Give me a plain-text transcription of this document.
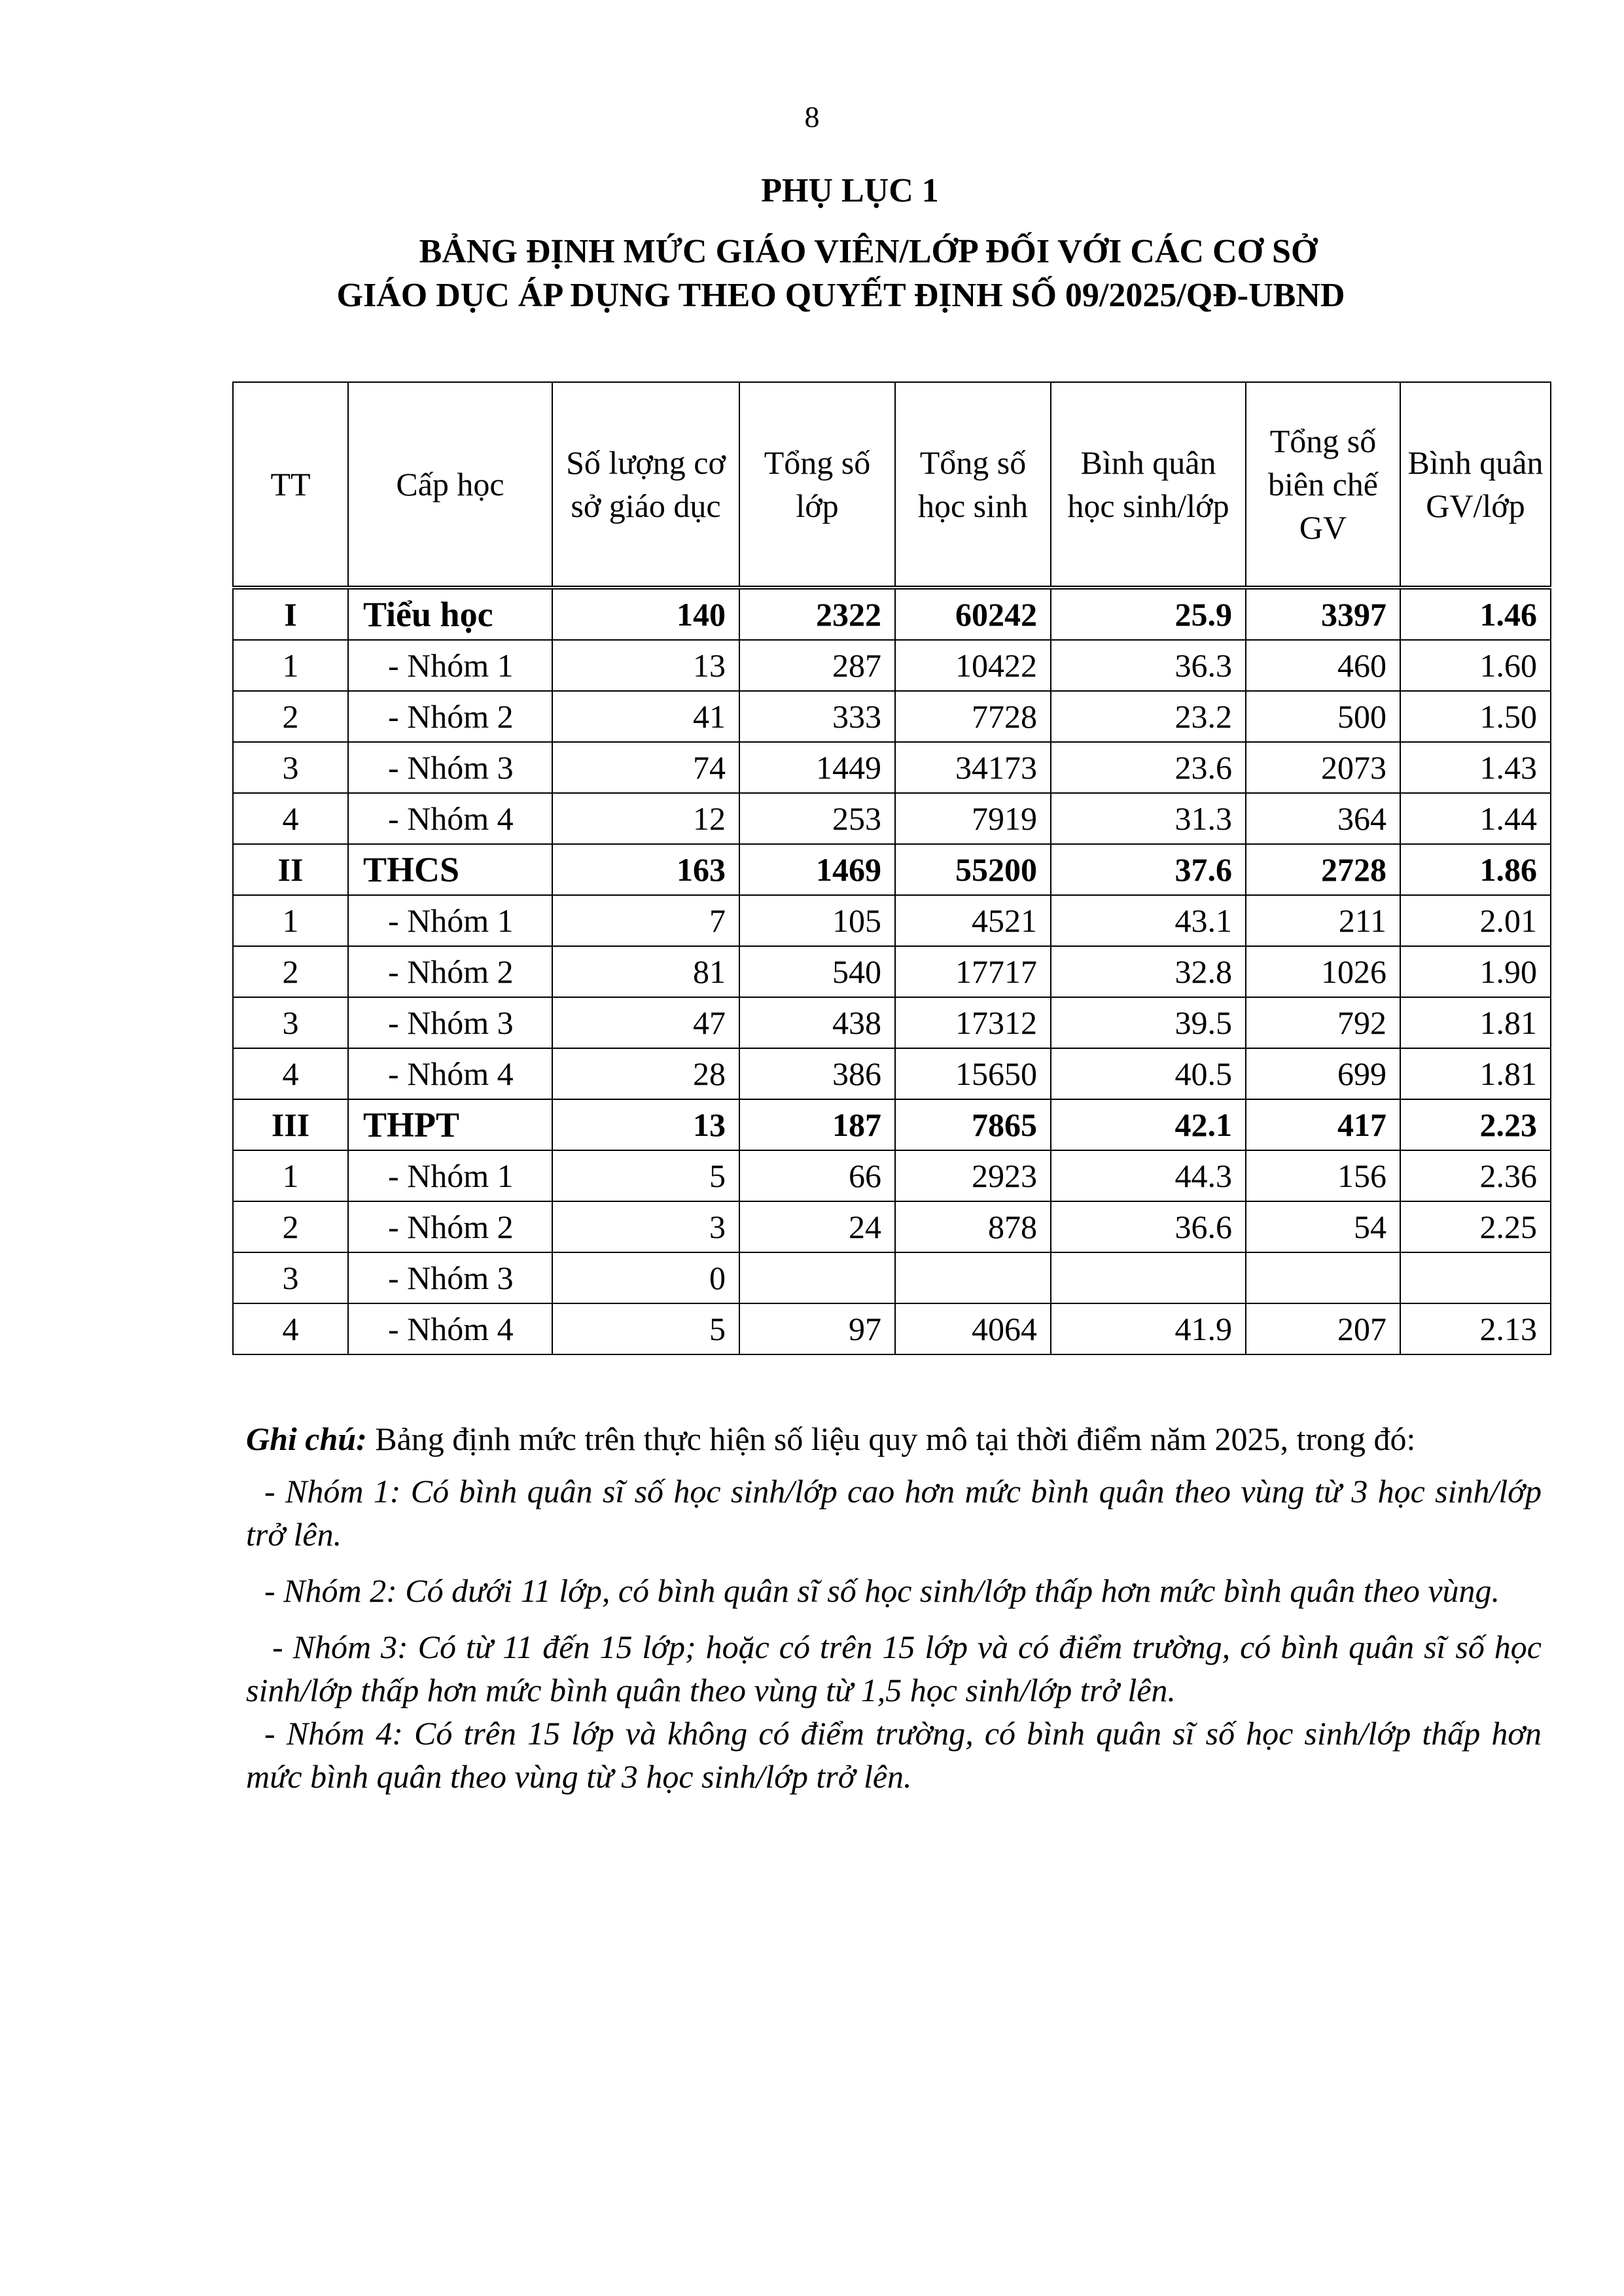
8
PHỤ LỤC 1
BẢNG ĐỊNH MỨC GIÁO VIÊN/LỚP ĐỐI VỚI CÁC CƠ SỞ
GIÁO DỤC ÁP DỤNG THEO QUYẾT ĐỊNH SỐ 09/2025/QĐ-UBND
TT	Cấp học	Số lượng cơ sở giáo dục	Tổng số lớp	Tổng số học sinh	Bình quân học sinh/lớp	Tổng số biên chế GV	Bình quân GV/lớp
I	Tiểu học	140	2322	60242	25.9	3397	1.46
1	- Nhóm 1	13	287	10422	36.3	460	1.60
2	- Nhóm 2	41	333	7728	23.2	500	1.50
3	- Nhóm 3	74	1449	34173	23.6	2073	1.43
4	- Nhóm 4	12	253	7919	31.3	364	1.44
II	THCS	163	1469	55200	37.6	2728	1.86
1	- Nhóm 1	7	105	4521	43.1	211	2.01
2	- Nhóm 2	81	540	17717	32.8	1026	1.90
3	- Nhóm 3	47	438	17312	39.5	792	1.81
4	- Nhóm 4	28	386	15650	40.5	699	1.81
III	THPT	13	187	7865	42.1	417	2.23
1	- Nhóm 1	5	66	2923	44.3	156	2.36
2	- Nhóm 2	3	24	878	36.6	54	2.25
3	- Nhóm 3	0					
4	- Nhóm 4	5	97	4064	41.9	207	2.13

Ghi chú: Bảng định mức trên thực hiện số liệu quy mô tại thời điểm năm 2025, trong đó:

- Nhóm 1: Có bình quân sĩ số học sinh/lớp cao hơn mức bình quân theo vùng từ 3 học sinh/lớp trở lên.

- Nhóm 2: Có dưới 11 lớp, có bình quân sĩ số học sinh/lớp thấp hơn mức bình quân theo vùng.

- Nhóm 3: Có từ 11 đến 15 lớp; hoặc có trên 15 lớp và có điểm trường, có bình quân sĩ số học sinh/lớp thấp hơn mức bình quân theo vùng từ 1,5 học sinh/lớp trở lên.

- Nhóm 4: Có trên 15 lớp và không có điểm trường, có bình quân sĩ số học sinh/lớp thấp hơn mức bình quân theo vùng từ 3 học sinh/lớp trở lên.
